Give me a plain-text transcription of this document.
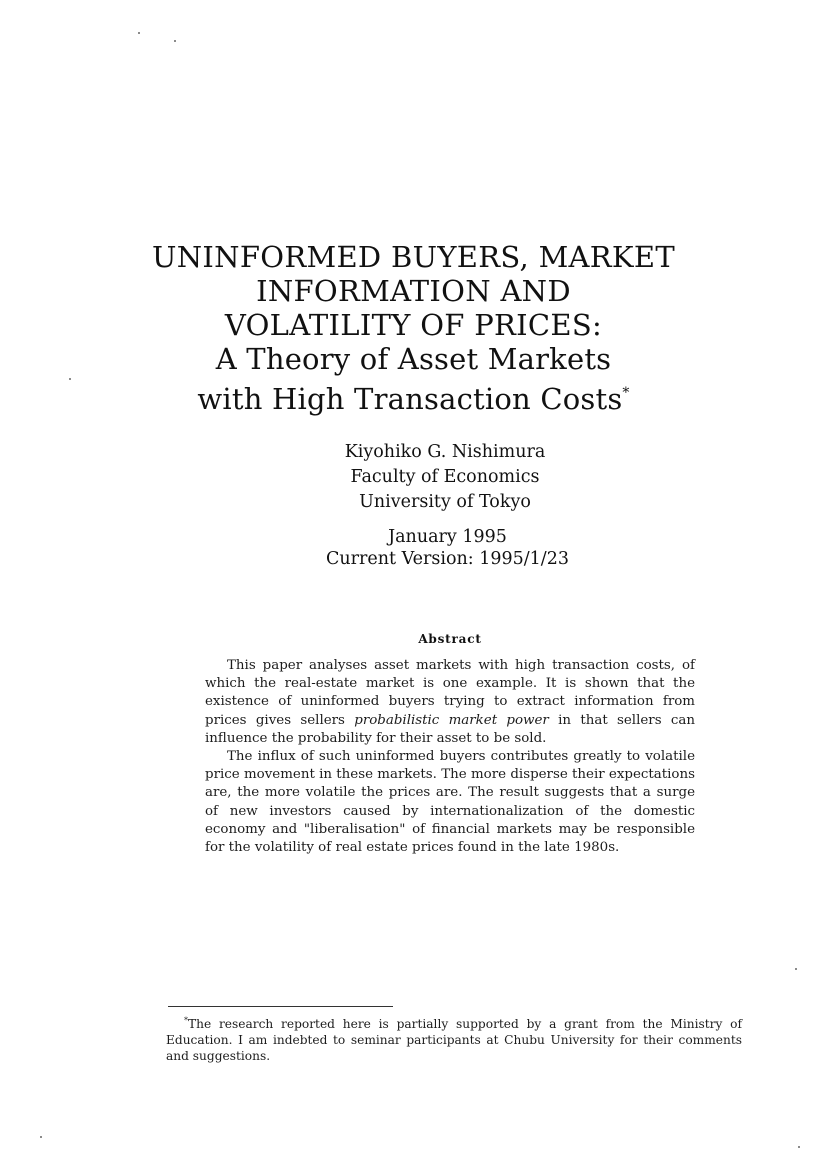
UNINFORMED BUYERS, MARKET
INFORMATION AND
VOLATILITY OF PRICES:
A Theory of Asset Markets
with High Transaction Costs*
Kiyohiko G. Nishimura
Faculty of Economics
University of Tokyo
January 1995
Current Version: 1995/1/23
Abstract

This paper analyses asset markets with high transaction costs, of which the real-estate market is one example. It is shown that the existence of uninformed buyers trying to extract information from prices gives sellers probabilistic market power in that sellers can influence the probability for their asset to be sold.

The influx of such uninformed buyers contributes greatly to volatile price movement in these markets. The more disperse their expectations are, the more volatile the prices are. The result suggests that a surge of new investors caused by internationalization of the domestic economy and "liberalisation" of financial markets may be responsible for the volatility of real estate prices found in the late 1980s.

*The research reported here is partially supported by a grant from the Ministry of Education. I am indebted to seminar participants at Chubu University for their comments and suggestions.
